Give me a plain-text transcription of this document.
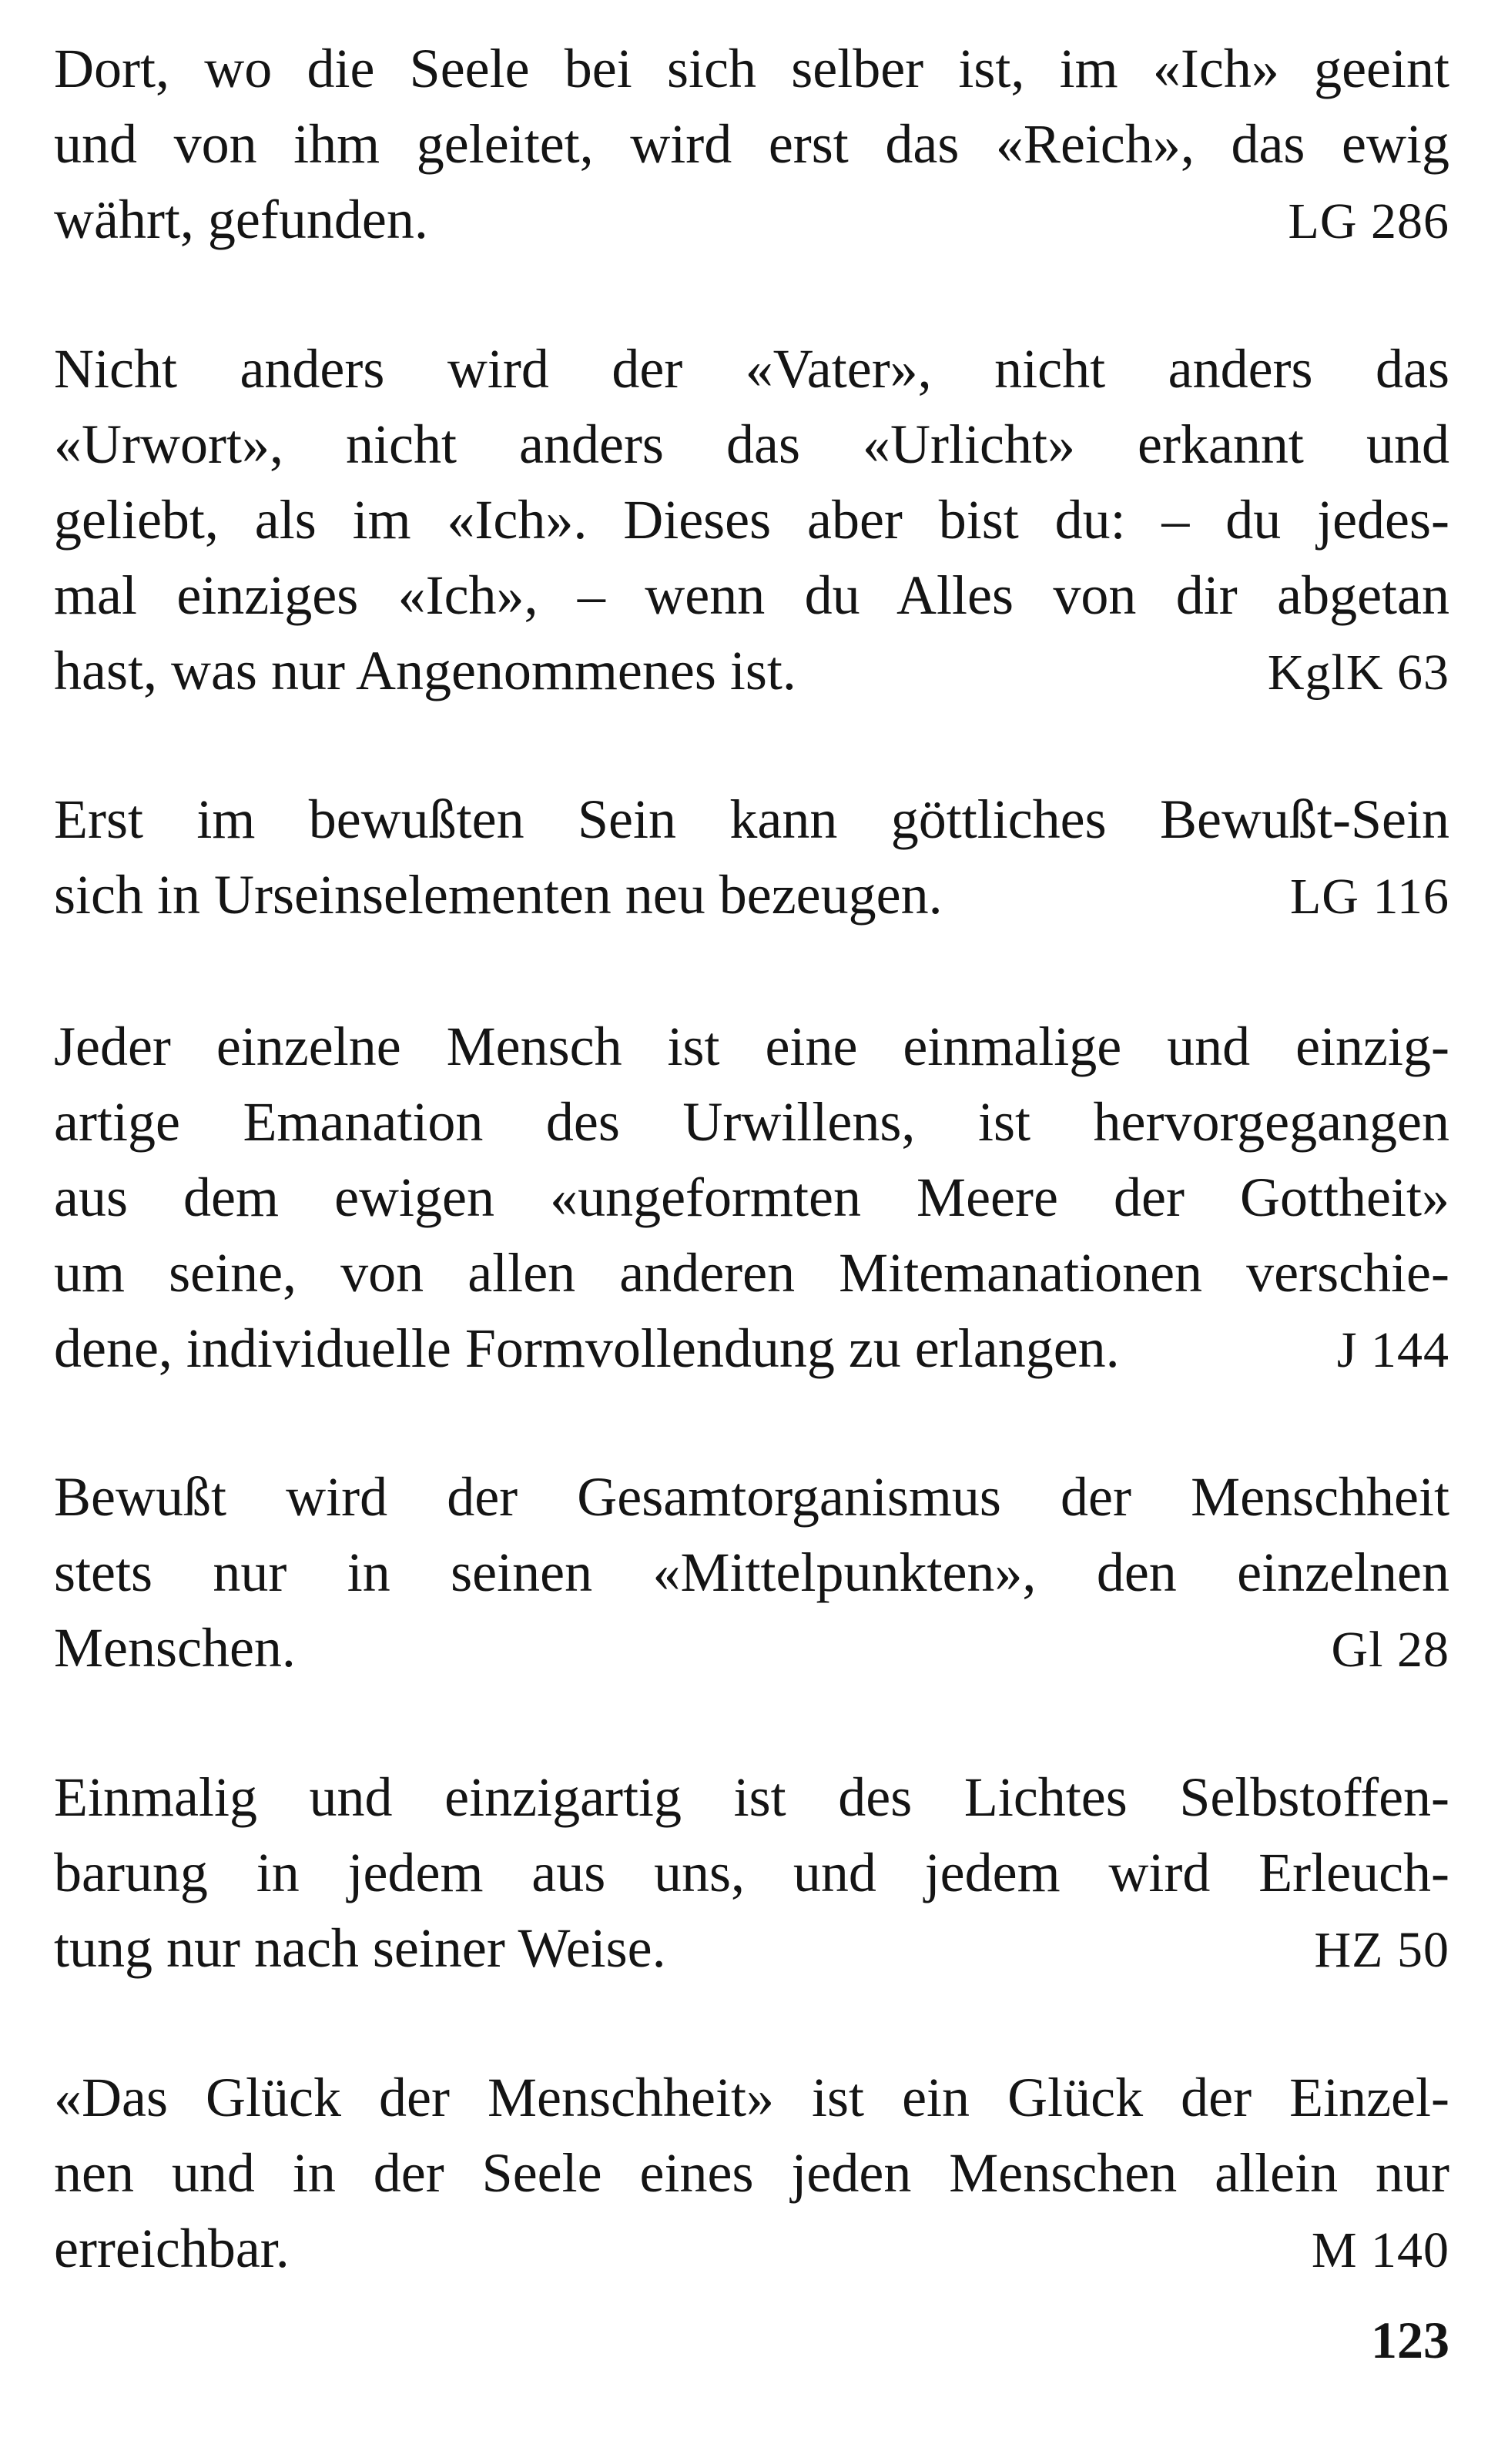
Dort, wo die Seele bei sich selber ist, im «Ich» geeint
und von ihm geleitet, wird erst das «Reich», das ewig
währt, gefunden.	LG 286
Nicht anders wird der «Vater», nicht anders das
«Urwort», nicht anders das «Urlicht» erkannt und
geliebt, als im «Ich». Dieses aber bist du: – du jedes-
mal einziges «Ich», – wenn du Alles von dir abgetan
hast, was nur Angenommenes ist.	KglK 63
Erst im bewußten Sein kann göttliches Bewußt-Sein
sich in Urseinselementen neu bezeugen.	LG 116
Jeder einzelne Mensch ist eine einmalige und einzig-
artige Emanation des Urwillens, ist hervorgegangen
aus dem ewigen «ungeformten Meere der Gottheit»
um seine, von allen anderen Mitemanationen verschie-
dene, individuelle Formvollendung zu erlangen.	J 144
Bewußt wird der Gesamtorganismus der Menschheit
stets nur in seinen «Mittelpunkten», den einzelnen
Menschen.	Gl 28
Einmalig und einzigartig ist des Lichtes Selbstoffen-
barung in jedem aus uns, und jedem wird Erleuch-
tung nur nach seiner Weise.	HZ 50
«Das Glück der Menschheit» ist ein Glück der Einzel-
nen und in der Seele eines jeden Menschen allein nur
erreichbar.	M 140
123
